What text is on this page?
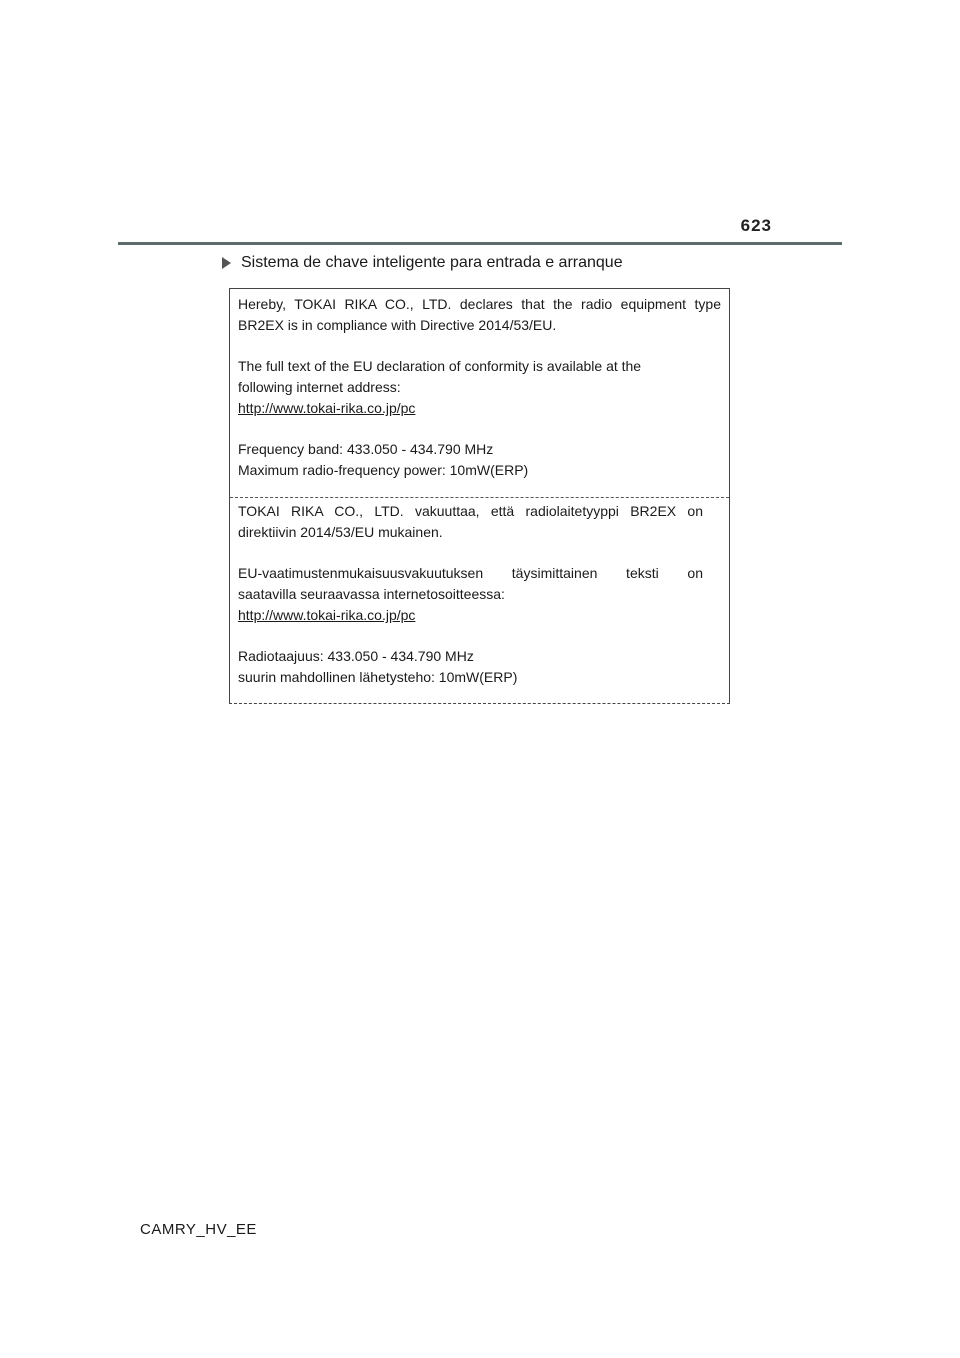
623
Sistema de chave inteligente para entrada e arranque

Hereby, TOKAI RIKA CO., LTD. declares that the radio equipment type

BR2EX is in compliance with Directive 2014/53/EU.

The full text of the EU declaration of conformity is available at the

following internet address:

http://www.tokai-rika.co.jp/pc

Frequency band: 433.050 - 434.790 MHz

Maximum radio-frequency power: 10mW(ERP)

TOKAI RIKA CO., LTD. vakuuttaa, että radiolaitetyyppi BR2EX on

direktiivin 2014/53/EU mukainen.

EU-vaatimustenmukaisuusvakuutuksen täysimittainen teksti on

saatavilla seuraavassa internetosoitteessa:

http://www.tokai-rika.co.jp/pc

Radiotaajuus: 433.050 - 434.790 MHz

suurin mahdollinen lähetysteho: 10mW(ERP)

CAMRY_HV_EE
